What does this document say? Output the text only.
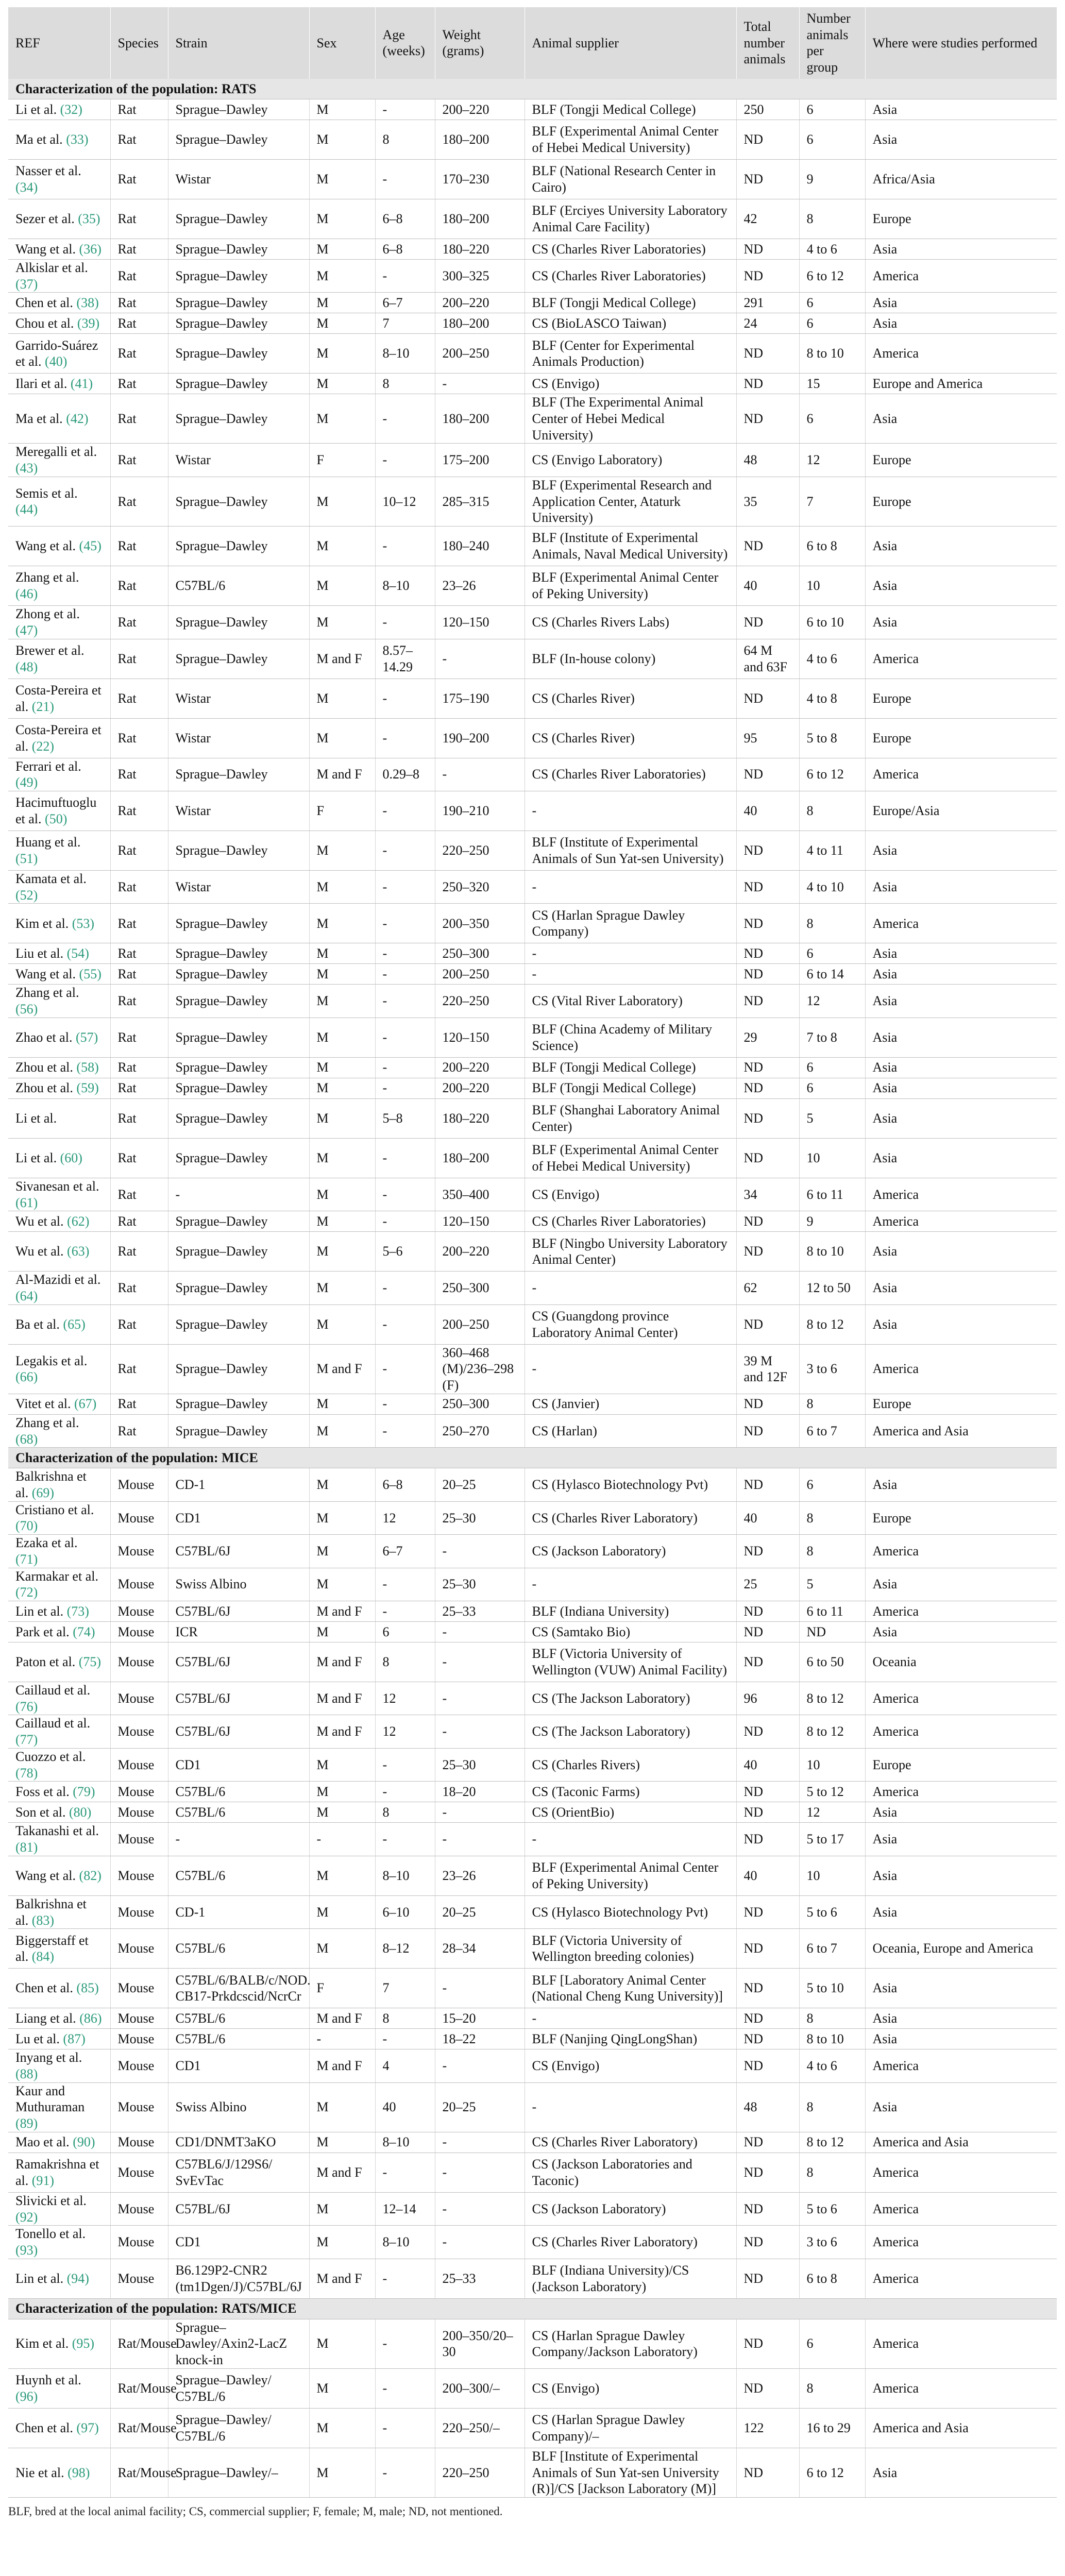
REF	Species	Strain	Sex	Age (weeks)	Weight (grams)	Animal supplier	Total number animals	Number animals per group	Where were studies performed
Characterization of the population: RATS									
Li et al. (32)	Rat	Sprague–Dawley	M	-	200–220	BLF (Tongji Medical College)	250	6	Asia
Ma et al. (33)	Rat	Sprague–Dawley	M	8	180–200	BLF (Experimental Animal Center of Hebei Medical University)	ND	6	Asia
Nasser et al. (34)	Rat	Wistar	M	-	170–230	BLF (National Research Center in Cairo)	ND	9	Africa/Asia
Sezer et al. (35)	Rat	Sprague–Dawley	M	6–8	180–200	BLF (Erciyes University Laboratory Animal Care Facility)	42	8	Europe
Wang et al. (36)	Rat	Sprague–Dawley	M	6–8	180–220	CS (Charles River Laboratories)	ND	4 to 6	Asia
Alkislar et al. (37)	Rat	Sprague–Dawley	M	-	300–325	CS (Charles River Laboratories)	ND	6 to 12	America
Chen et al. (38)	Rat	Sprague–Dawley	M	6–7	200–220	BLF (Tongji Medical College)	291	6	Asia
Chou et al. (39)	Rat	Sprague–Dawley	M	7	180–200	CS (BioLASCO Taiwan)	24	6	Asia
Garrido-Suárez et al. (40)	Rat	Sprague–Dawley	M	8–10	200–250	BLF (Center for Experimental Animals Production)	ND	8 to 10	America
Ilari et al. (41)	Rat	Sprague–Dawley	M	8	-	CS (Envigo)	ND	15	Europe and America
Ma et al. (42)	Rat	Sprague–Dawley	M	-	180–200	BLF (The Experimental Animal Center of Hebei Medical University)	ND	6	Asia
Meregalli et al. (43)	Rat	Wistar	F	-	175–200	CS (Envigo Laboratory)	48	12	Europe
Semis et al. (44)	Rat	Sprague–Dawley	M	10–12	285–315	BLF (Experimental Research and Application Center, Ataturk University)	35	7	Europe
Wang et al. (45)	Rat	Sprague–Dawley	M	-	180–240	BLF (Institute of Experimental Animals, Naval Medical University)	ND	6 to 8	Asia
Zhang et al. (46)	Rat	C57BL/6	M	8–10	23–26	BLF (Experimental Animal Center of Peking University)	40	10	Asia
Zhong et al. (47)	Rat	Sprague–Dawley	M	-	120–150	CS (Charles Rivers Labs)	ND	6 to 10	Asia
Brewer et al. (48)	Rat	Sprague–Dawley	M and F	8.57–14.29	-	BLF (In-house colony)	64 M and 63F	4 to 6	America
Costa-Pereira et al. (21)	Rat	Wistar	M	-	175–190	CS (Charles River)	ND	4 to 8	Europe
Costa-Pereira et al. (22)	Rat	Wistar	M	-	190–200	CS (Charles River)	95	5 to 8	Europe
Ferrari et al. (49)	Rat	Sprague–Dawley	M and F	0.29–8	-	CS (Charles River Laboratories)	ND	6 to 12	America
Hacimuftuoglu et al. (50)	Rat	Wistar	F	-	190–210	-	40	8	Europe/Asia
Huang et al. (51)	Rat	Sprague–Dawley	M	-	220–250	BLF (Institute of Experimental Animals of Sun Yat-sen University)	ND	4 to 11	Asia
Kamata et al. (52)	Rat	Wistar	M	-	250–320	-	ND	4 to 10	Asia
Kim et al. (53)	Rat	Sprague–Dawley	M	-	200–350	CS (Harlan Sprague Dawley Company)	ND	8	America
Liu et al. (54)	Rat	Sprague–Dawley	M	-	250–300	-	ND	6	Asia
Wang et al. (55)	Rat	Sprague–Dawley	M	-	200–250	-	ND	6 to 14	Asia
Zhang et al. (56)	Rat	Sprague–Dawley	M	-	220–250	CS (Vital River Laboratory)	ND	12	Asia
Zhao et al. (57)	Rat	Sprague–Dawley	M	-	120–150	BLF (China Academy of Military Science)	29	7 to 8	Asia
Zhou et al. (58)	Rat	Sprague–Dawley	M	-	200–220	BLF (Tongji Medical College)	ND	6	Asia
Zhou et al. (59)	Rat	Sprague–Dawley	M	-	200–220	BLF (Tongji Medical College)	ND	6	Asia
Li et al.	Rat	Sprague–Dawley	M	5–8	180–220	BLF (Shanghai Laboratory Animal Center)	ND	5	Asia
Li et al. (60)	Rat	Sprague–Dawley	M	-	180–200	BLF (Experimental Animal Center of Hebei Medical University)	ND	10	Asia
Sivanesan et al. (61)	Rat	-	M	-	350–400	CS (Envigo)	34	6 to 11	America
Wu et al. (62)	Rat	Sprague–Dawley	M	-	120–150	CS (Charles River Laboratories)	ND	9	America
Wu et al. (63)	Rat	Sprague–Dawley	M	5–6	200–220	BLF (Ningbo University Laboratory Animal Center)	ND	8 to 10	Asia
Al-Mazidi et al. (64)	Rat	Sprague–Dawley	M	-	250–300	-	62	12 to 50	Asia
Ba et al. (65)	Rat	Sprague–Dawley	M	-	200–250	CS (Guangdong province Laboratory Animal Center)	ND	8 to 12	Asia
Legakis et al. (66)	Rat	Sprague–Dawley	M and F	-	360–468 (M)/236–298 (F)	-	39 M and 12F	3 to 6	America
Vitet et al. (67)	Rat	Sprague–Dawley	M	-	250–300	CS (Janvier)	ND	8	Europe
Zhang et al. (68)	Rat	Sprague–Dawley	M	-	250–270	CS (Harlan)	ND	6 to 7	America and Asia
Characterization of the population: MICE									
Balkrishna et al. (69)	Mouse	CD-1	M	6–8	20–25	CS (Hylasco Biotechnology Pvt)	ND	6	Asia
Cristiano et al. (70)	Mouse	CD1	M	12	25–30	CS (Charles River Laboratory)	40	8	Europe
Ezaka et al. (71)	Mouse	C57BL/6J	M	6–7	-	CS (Jackson Laboratory)	ND	8	America
Karmakar et al. (72)	Mouse	Swiss Albino	M	-	25–30	-	25	5	Asia
Lin et al. (73)	Mouse	C57BL/6J	M and F	-	25–33	BLF (Indiana University)	ND	6 to 11	America
Park et al. (74)	Mouse	ICR	M	6	-	CS (Samtako Bio)	ND	ND	Asia
Paton et al. (75)	Mouse	C57BL/6J	M and F	8	-	BLF (Victoria University of Wellington (VUW) Animal Facility)	ND	6 to 50	Oceania
Caillaud et al. (76)	Mouse	C57BL/6J	M and F	12	-	CS (The Jackson Laboratory)	96	8 to 12	America
Caillaud et al. (77)	Mouse	C57BL/6J	M and F	12	-	CS (The Jackson Laboratory)	ND	8 to 12	America
Cuozzo et al. (78)	Mouse	CD1	M	-	25–30	CS (Charles Rivers)	40	10	Europe
Foss et al. (79)	Mouse	C57BL/6	M	-	18–20	CS (Taconic Farms)	ND	5 to 12	America
Son et al. (80)	Mouse	C57BL/6	M	8	-	CS (OrientBio)	ND	12	Asia
Takanashi et al. (81)	Mouse	-	-	-	-	-	ND	5 to 17	Asia
Wang et al. (82)	Mouse	C57BL/6	M	8–10	23–26	BLF (Experimental Animal Center of Peking University)	40	10	Asia
Balkrishna et al. (83)	Mouse	CD-1	M	6–10	20–25	CS (Hylasco Biotechnology Pvt)	ND	5 to 6	Asia
Biggerstaff et al. (84)	Mouse	C57BL/6	M	8–12	28–34	BLF (Victoria University of Wellington breeding colonies)	ND	6 to 7	Oceania, Europe and America
Chen et al. (85)	Mouse	C57BL/6/BALB/c/NOD. CB17-Prkdcscid/NcrCr	F	7	-	BLF [Laboratory Animal Center (National Cheng Kung University)]	ND	5 to 10	Asia
Liang et al. (86)	Mouse	C57BL/6	M and F	8	15–20	-	ND	8	Asia
Lu et al. (87)	Mouse	C57BL/6	-	-	18–22	BLF (Nanjing QingLongShan)	ND	8 to 10	Asia
Inyang et al. (88)	Mouse	CD1	M and F	4	-	CS (Envigo)	ND	4 to 6	America
Kaur and Muthuraman (89)	Mouse	Swiss Albino	M	40	20–25	-	48	8	Asia
Mao et al. (90)	Mouse	CD1/DNMT3aKO	M	8–10	-	CS (Charles River Laboratory)	ND	8 to 12	America and Asia
Ramakrishna et al. (91)	Mouse	C57BL6/J/129S6/ SvEvTac	M and F	-	-	CS (Jackson Laboratories and Taconic)	ND	8	America
Slivicki et al. (92)	Mouse	C57BL/6J	M	12–14	-	CS (Jackson Laboratory)	ND	5 to 6	America
Tonello et al. (93)	Mouse	CD1	M	8–10	-	CS (Charles River Laboratory)	ND	3 to 6	America
Lin et al. (94)	Mouse	B6.129P2-CNR2 (tm1Dgen/J)/C57BL/6J	M and F	-	25–33	BLF (Indiana University)/CS (Jackson Laboratory)	ND	6 to 8	America
Characterization of the population: RATS/MICE									
Kim et al. (95)	Rat/Mouse	Sprague–Dawley/Axin2-LacZ knock-in	M	-	200–350/20–30	CS (Harlan Sprague Dawley Company/Jackson Laboratory)	ND	6	America
Huynh et al. (96)	Rat/Mouse	Sprague–Dawley/ C57BL/6	M	-	200–300/–	CS (Envigo)	ND	8	America
Chen et al. (97)	Rat/Mouse	Sprague–Dawley/ C57BL/6	M	-	220–250/–	CS (Harlan Sprague Dawley Company)/–	122	16 to 29	America and Asia
Nie et al. (98)	Rat/Mouse	Sprague–Dawley/–	M	-	220–250	BLF [Institute of Experimental Animals of Sun Yat-sen University (R)]/CS [Jackson Laboratory (M)]	ND	6 to 12	Asia
BLF, bred at the local animal facility; CS, commercial supplier; F, female; M, male; ND, not mentioned.
